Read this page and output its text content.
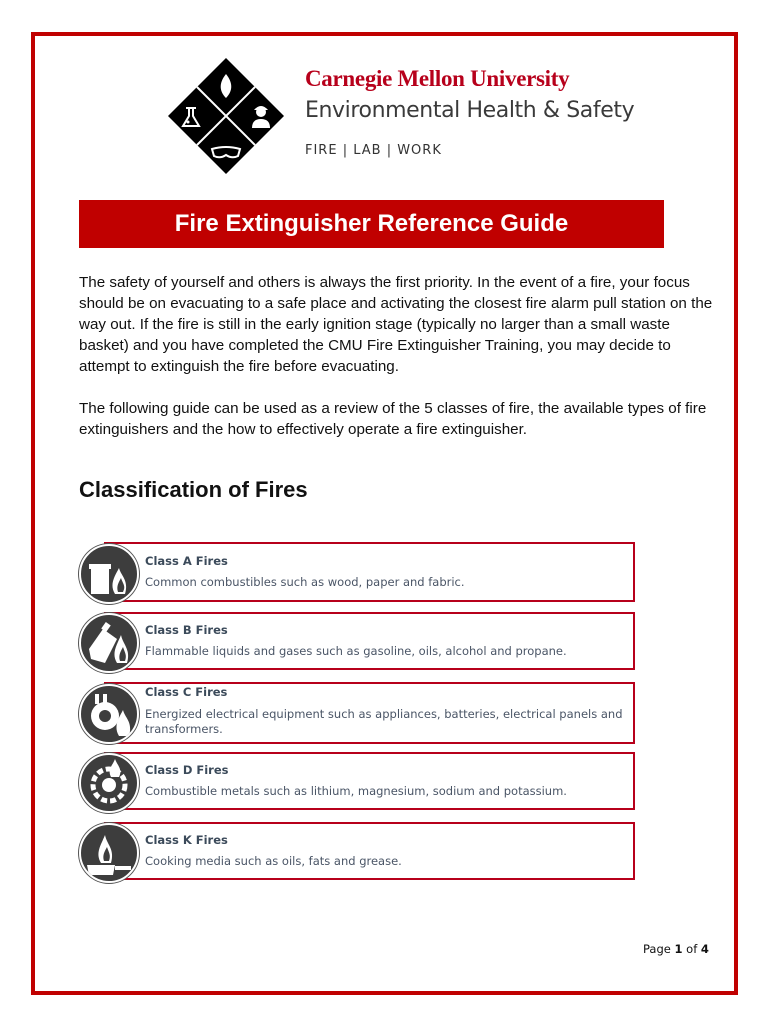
Carnegie Mellon University
Environmental Health & Safety
FIRE | LAB | WORK
Fire Extinguisher Reference Guide

The safety of yourself and others is always the first priority. In the event of a fire, your focus should be on evacuating to a safe place and activating the closest fire alarm pull station on the way out. If the fire is still in the early ignition stage (typically no larger than a small waste basket) and you have completed the CMU Fire Extinguisher Training, you may decide to attempt to extinguish the fire before evacuating.

The following guide can be used as a review of the 5 classes of fire, the available types of fire extinguishers and the how to effectively operate a fire extinguisher.

Classification of Fires
Class A Fires
Common combustibles such as wood, paper and fabric.
Class B Fires
Flammable liquids and gases such as gasoline, oils, alcohol and propane.
Class C Fires
Energized electrical equipment such as appliances, batteries, electrical panels and transformers.
Class D Fires
Combustible metals such as lithium, magnesium, sodium and potassium.
Class K Fires
Cooking media such as oils, fats and grease.
Page 1 of 4
